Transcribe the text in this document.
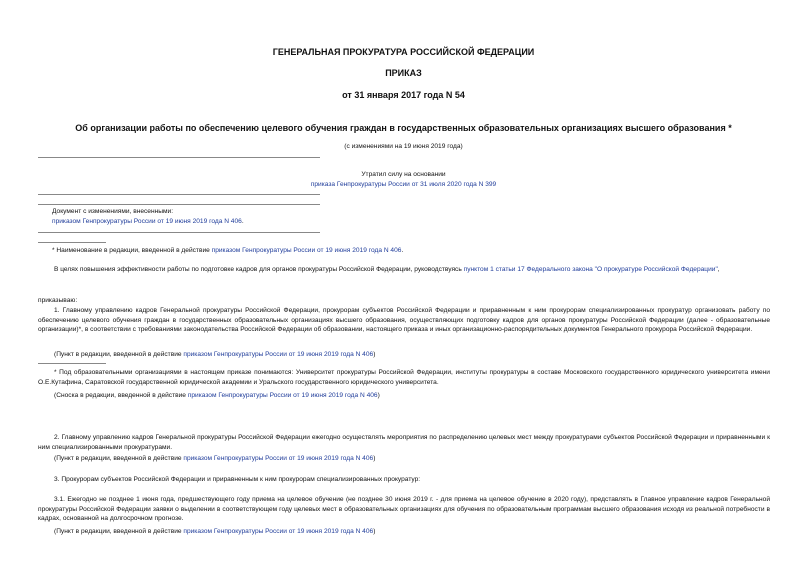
ГЕНЕРАЛЬНАЯ ПРОКУРАТУРА РОССИЙСКОЙ ФЕДЕРАЦИИ
ПРИКАЗ
от 31 января 2017 года N 54
Об организации работы по обеспечению целевого обучения граждан в государственных образовательных организациях высшего образования *
(с изменениями на 19 июня 2019 года)
Утратил силу на основании
приказа Генпрокуратуры России от 31 июля 2020 года N 399
Документ с изменениями, внесенными:
приказом Генпрокуратуры России от 19 июня 2019 года N 406.
* Наименование в редакции, введенной в действие приказом Генпрокуратуры России от 19 июня 2019 года N 406.
В целях повышения эффективности работы по подготовке кадров для органов прокуратуры Российской Федерации, руководствуясь пунктом 1 статьи 17 Федерального закона "О прокуратуре Российской Федерации",
приказываю:
1. Главному управлению кадров Генеральной прокуратуры Российской Федерации, прокурорам субъектов Российской Федерации и приравненным к ним прокурорам специализированных прокуратур организовать работу по обеспечению целевого обучения граждан в государственных образовательных организациях высшего образования, осуществляющих подготовку кадров для органов прокуратуры Российской Федерации (далее - образовательные организации)*, в соответствии с требованиями законодательства Российской Федерации об образовании, настоящего приказа и иных организационно-распорядительных документов Генерального прокурора Российской Федерации.
(Пункт в редакции, введенной в действие приказом Генпрокуратуры России от 19 июня 2019 года N 406)
* Под образовательными организациями в настоящем приказе понимаются: Университет прокуратуры Российской Федерации, институты прокуратуры в составе Московского государственного юридического университета имени О.Е.Кутафина, Саратовской государственной юридической академии и Уральского государственного юридического университета.
(Сноска в редакции, введенной в действие приказом Генпрокуратуры России от 19 июня 2019 года N 406)
2. Главному управлению кадров Генеральной прокуратуры Российской Федерации ежегодно осуществлять мероприятия по распределению целевых мест между прокуратурами субъектов Российской Федерации и приравненными к ним специализированными прокуратурами.
(Пункт в редакции, введенной в действие приказом Генпрокуратуры России от 19 июня 2019 года N 406)
3. Прокурорам субъектов Российской Федерации и приравненным к ним прокурорам специализированных прокуратур:
3.1. Ежегодно не позднее 1 июня года, предшествующего году приема на целевое обучение (не позднее 30 июня 2019 г. - для приема на целевое обучение в 2020 году), представлять в Главное управление кадров Генеральной прокуратуры Российской Федерации заявки о выделении в соответствующем году целевых мест в образовательных организациях для обучения по образовательным программам высшего образования исходя из реальной потребности в кадрах, основанной на долгосрочном прогнозе.
(Пункт в редакции, введенной в действие приказом Генпрокуратуры России от 19 июня 2019 года N 406)
